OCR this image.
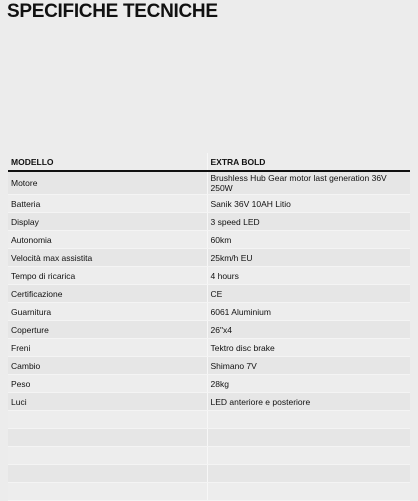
SPECIFICHE TECNICHE
MODELLO	EXTRA BOLD
Motore	Brushless Hub Gear motor last generation 36V 250W
Batteria	Sanik 36V 10AH Litio
Display	3 speed LED
Autonomia	60km
Velocità max assistita	25km/h EU
Tempo di ricarica	4 hours
Certificazione	CE
Guarnitura	6061 Aluminium
Coperture	26"x4
Freni	Tektro disc brake
Cambio	Shimano 7V
Peso	28kg
Luci	LED anteriore e posteriore
